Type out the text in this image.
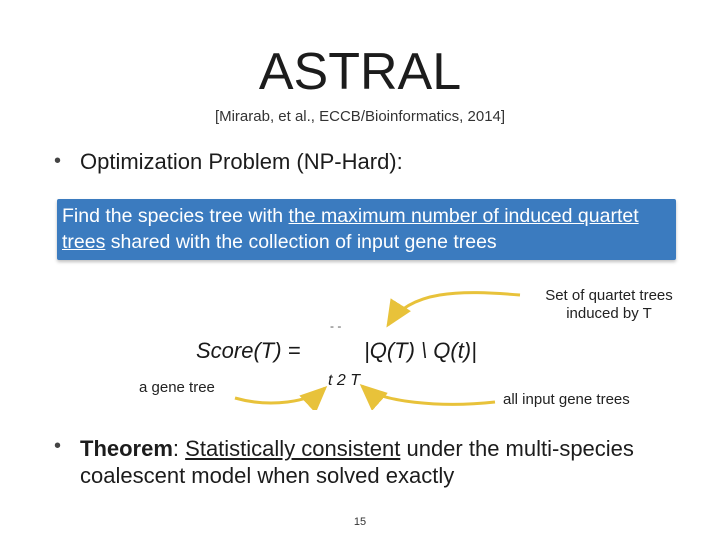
ASTRAL
[Mirarab, et al., ECCB/Bioinformatics, 2014]
• Optimization Problem (NP-Hard):
Find the species tree with the maximum number of induced quartet trees shared with the collection of input gene trees
Score(T) =
- -
|Q(T) \ Q(t)|
t 2 T
Set of quartet trees induced by T
a gene tree
all input gene trees
• Theorem: Statistically consistent under the multi-species coalescent model when solved exactly
15
